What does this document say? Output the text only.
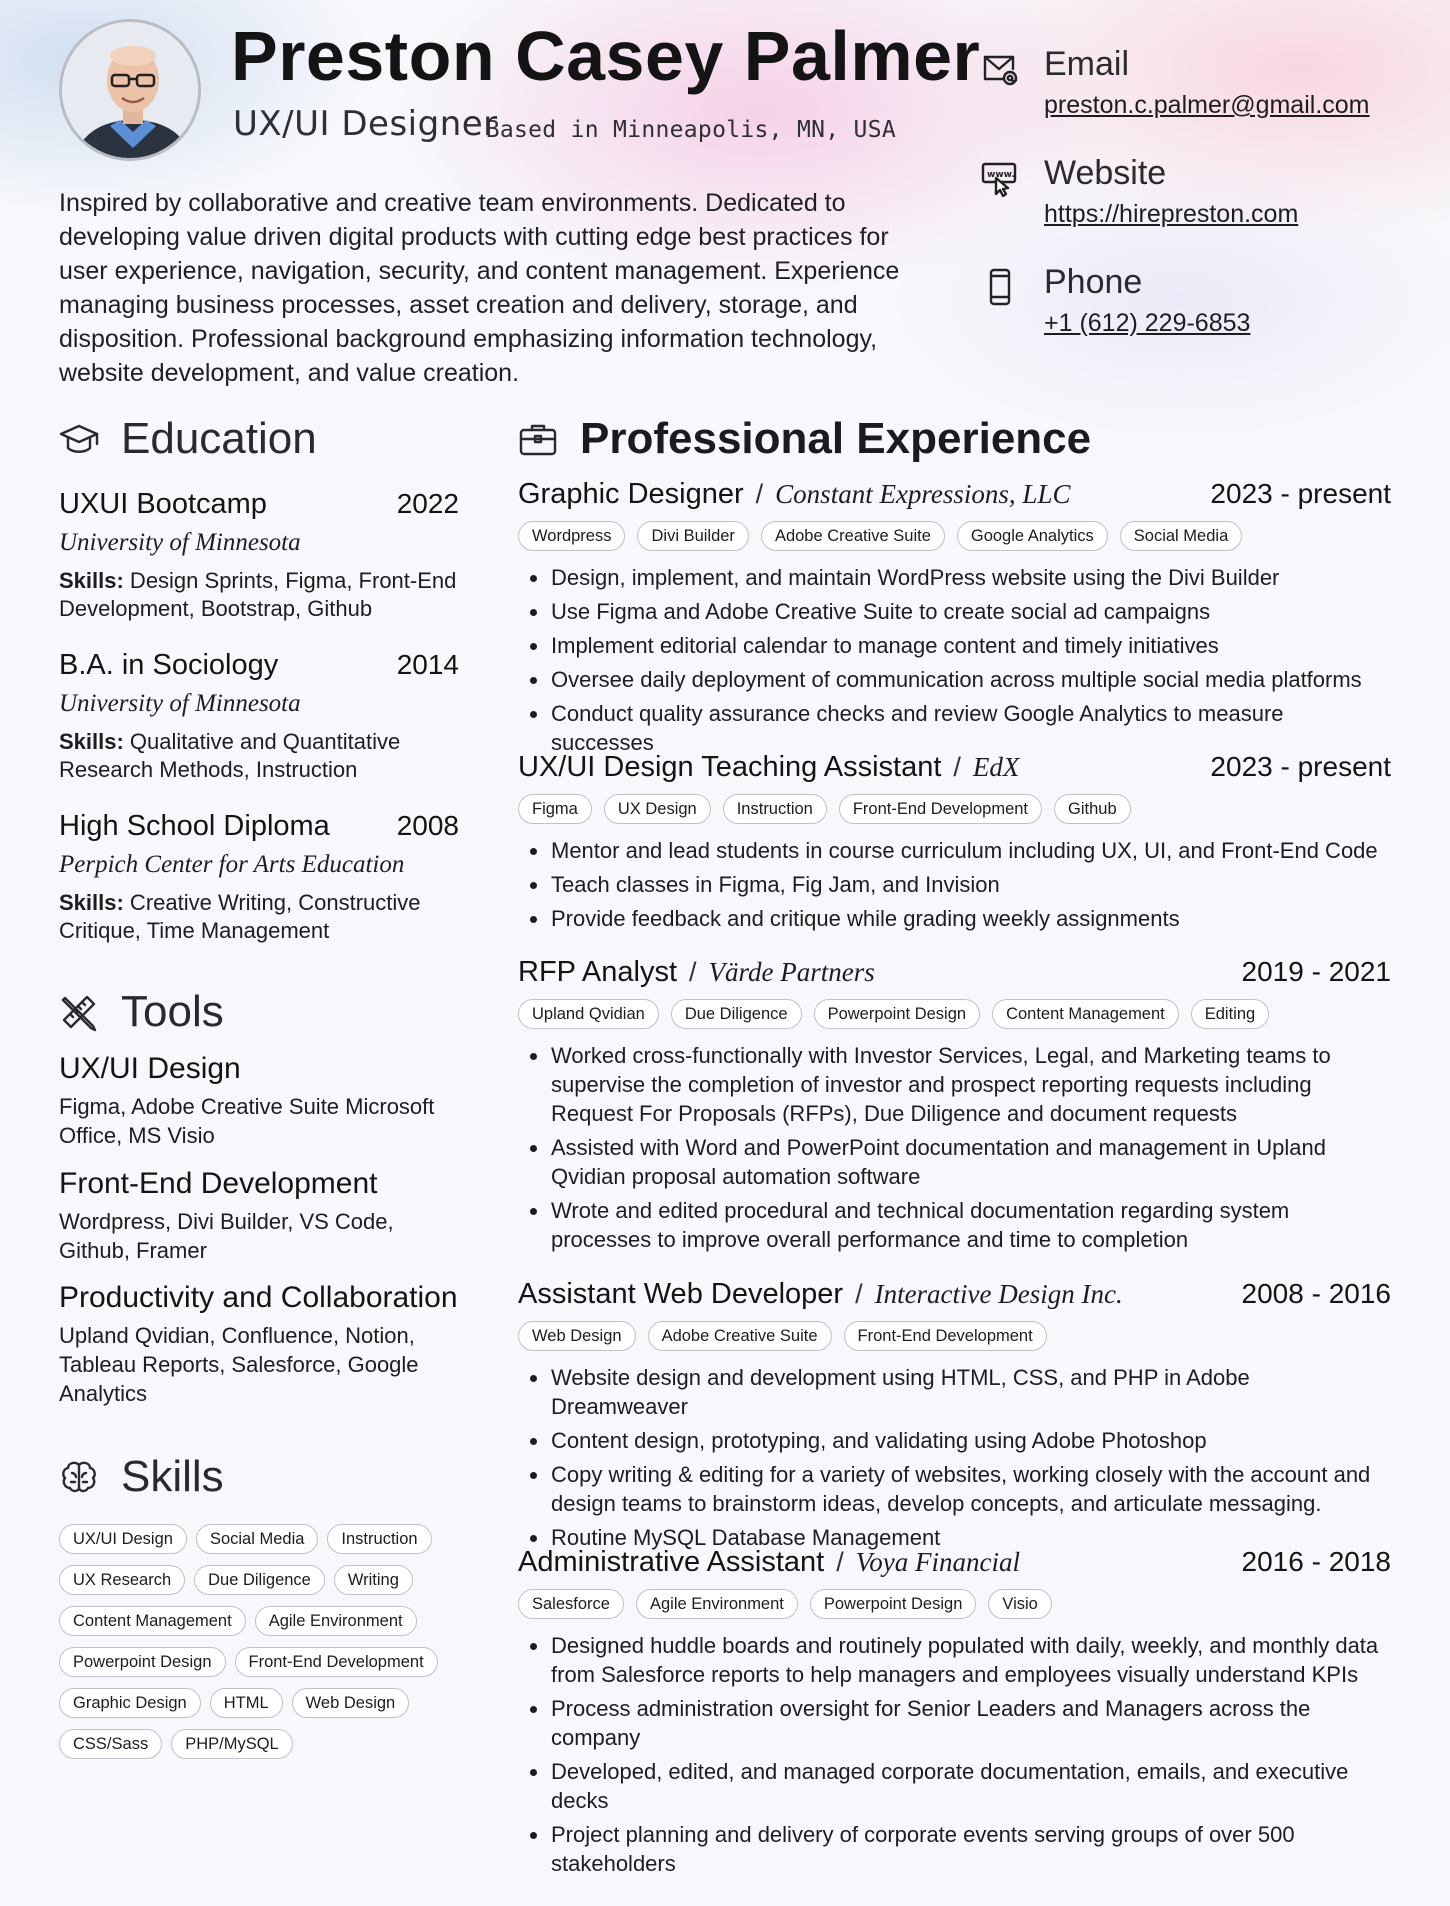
Preston Casey Palmer
UX/UI Designer
Based in Minneapolis, MN, USA
Inspired by collaborative and creative team environments. Dedicated to developing value driven digital products with cutting edge best practices for user experience, navigation, security, and content management. Experience managing business processes, asset creation and delivery, storage, and disposition. Professional background emphasizing information technology, website development, and value creation.
Email
preston.c.palmer@gmail.com
www. Website
https://hirepreston.com
Phone
+1 (612) 229-6853
Education
UXUI Bootcamp	2022
University of Minnesota
Skills: Design Sprints, Figma, Front-End Development, Bootstrap, Github
B.A. in Sociology	2014
University of Minnesota
Skills: Qualitative and Quantitative Research Methods, Instruction
High School Diploma	2008
Perpich Center for Arts Education
Skills: Creative Writing, Constructive Critique, Time Management
Tools
UX/UI Design
Figma, Adobe Creative Suite Microsoft Office, MS Visio
Front-End Development
Wordpress, Divi Builder, VS Code, Github, Framer
Productivity and Collaboration
Upland Qvidian, Confluence, Notion, Tableau Reports, Salesforce, Google Analytics
Skills
UX/UI Design	Social Media	Instruction
UX Research	Due Diligence	Writing
Content Management	Agile Environment
Powerpoint Design	Front-End Development
Graphic Design	HTML	Web Design
CSS/Sass	PHP/MySQL
Professional Experience
Graphic Designer / Constant Expressions, LLC	2023 - present
Wordpress	Divi Builder	Adobe Creative Suite	Google Analytics	Social Media
Design, implement, and maintain WordPress website using the Divi Builder
Use Figma and Adobe Creative Suite to create social ad campaigns
Implement editorial calendar to manage content and timely initiatives
Oversee daily deployment of communication across multiple social media platforms
Conduct quality assurance checks and review Google Analytics to measure successes
UX/UI Design Teaching Assistant / EdX	2023 - present
Figma	UX Design	Instruction	Front-End Development	Github
Mentor and lead students in course curriculum including UX, UI, and Front-End Code
Teach classes in Figma, Fig Jam, and Invision
Provide feedback and critique while grading weekly assignments
RFP Analyst / Värde Partners	2019 - 2021
Upland Qvidian	Due Diligence	Powerpoint Design	Content Management	Editing
Worked cross-functionally with Investor Services, Legal, and Marketing teams to supervise the completion of investor and prospect reporting requests including Request For Proposals (RFPs), Due Diligence and document requests
Assisted with Word and PowerPoint documentation and management in Upland Qvidian proposal automation software
Wrote and edited procedural and technical documentation regarding system processes to improve overall performance and time to completion
Assistant Web Developer / Interactive Design Inc.	2008 - 2016
Web Design	Adobe Creative Suite	Front-End Development
Website design and development using HTML, CSS, and PHP in Adobe Dreamweaver
Content design, prototyping, and validating using Adobe Photoshop
Copy writing & editing for a variety of websites, working closely with the account and design teams to brainstorm ideas, develop concepts, and articulate messaging.
Routine MySQL Database Management
Administrative Assistant / Voya Financial	2016 - 2018
Salesforce	Agile Environment	Powerpoint Design	Visio
Designed huddle boards and routinely populated with daily, weekly, and monthly data from Salesforce reports to help managers and employees visually understand KPIs
Process administration oversight for Senior Leaders and Managers across the company
Developed, edited, and managed corporate documentation, emails, and executive decks
Project planning and delivery of corporate events serving groups of over 500 stakeholders
